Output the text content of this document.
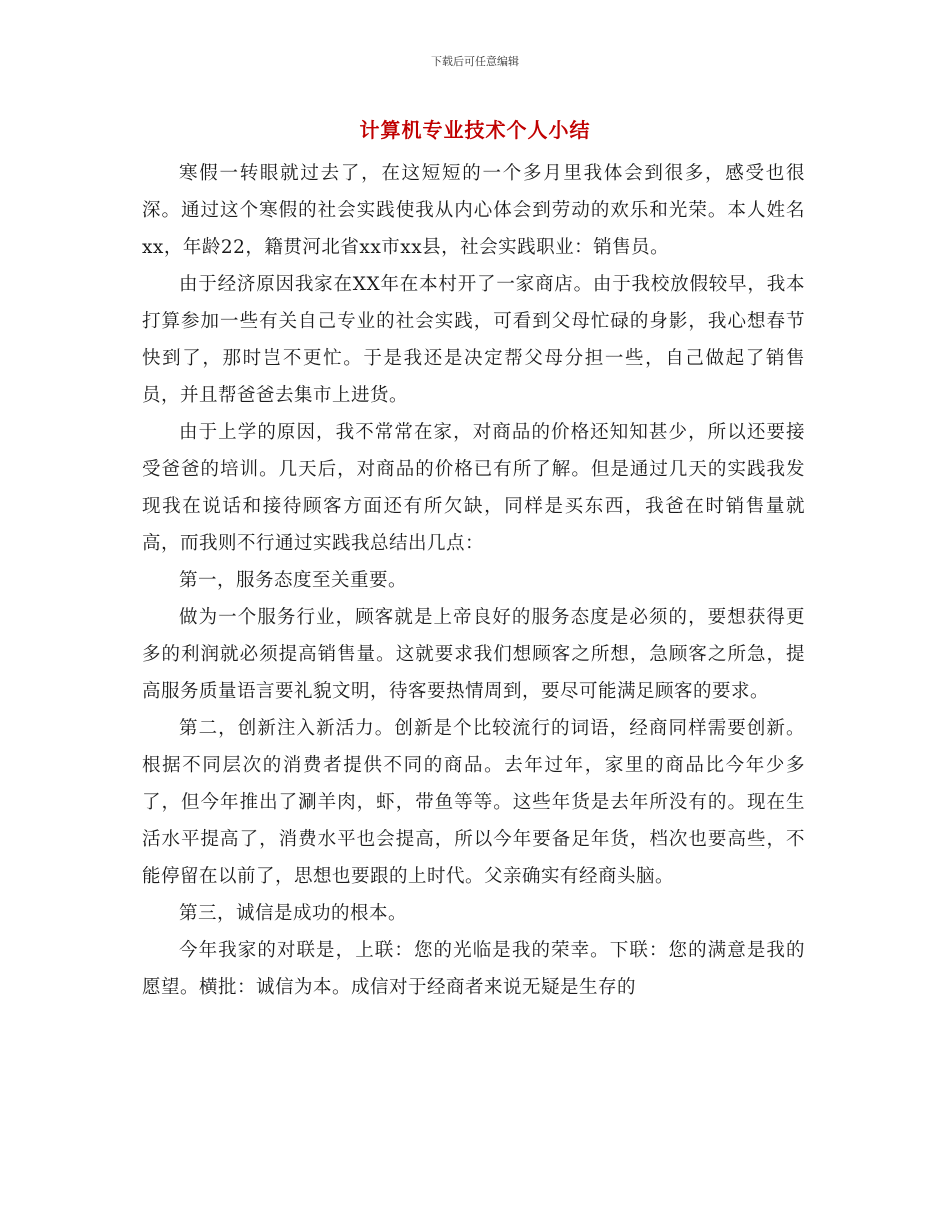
下载后可任意编辑
计算机专业技术个人小结

寒假一转眼就过去了，在这短短的一个多月里我体会到很多，感受也很深。通过这个寒假的社会实践使我从内心体会到劳动的欢乐和光荣。本人姓名xx，年龄22，籍贯河北省xx市xx县，社会实践职业：销售员。

由于经济原因我家在XX年在本村开了一家商店。由于我校放假较早，我本打算参加一些有关自己专业的社会实践，可看到父母忙碌的身影，我心想春节快到了，那时岂不更忙。于是我还是决定帮父母分担一些，自己做起了销售员，并且帮爸爸去集市上进货。

由于上学的原因，我不常常在家，对商品的价格还知知甚少，所以还要接受爸爸的培训。几天后，对商品的价格已有所了解。但是通过几天的实践我发现我在说话和接待顾客方面还有所欠缺，同样是买东西，我爸在时销售量就高，而我则不行通过实践我总结出几点：

第一，服务态度至关重要。

做为一个服务行业，顾客就是上帝良好的服务态度是必须的，要想获得更多的利润就必须提高销售量。这就要求我们想顾客之所想，急顾客之所急，提高服务质量语言要礼貌文明，待客要热情周到，要尽可能满足顾客的要求。

第二，创新注入新活力。创新是个比较流行的词语，经商同样需要创新。根据不同层次的消费者提供不同的商品。去年过年，家里的商品比今年少多了，但今年推出了涮羊肉，虾，带鱼等等。这些年货是去年所没有的。现在生活水平提高了，消费水平也会提高，所以今年要备足年货，档次也要高些，不能停留在以前了，思想也要跟的上时代。父亲确实有经商头脑。

第三，诚信是成功的根本。

今年我家的对联是，上联：您的光临是我的荣幸。下联：您的满意是我的愿望。横批：诚信为本。成信对于经商者来说无疑是生存的
